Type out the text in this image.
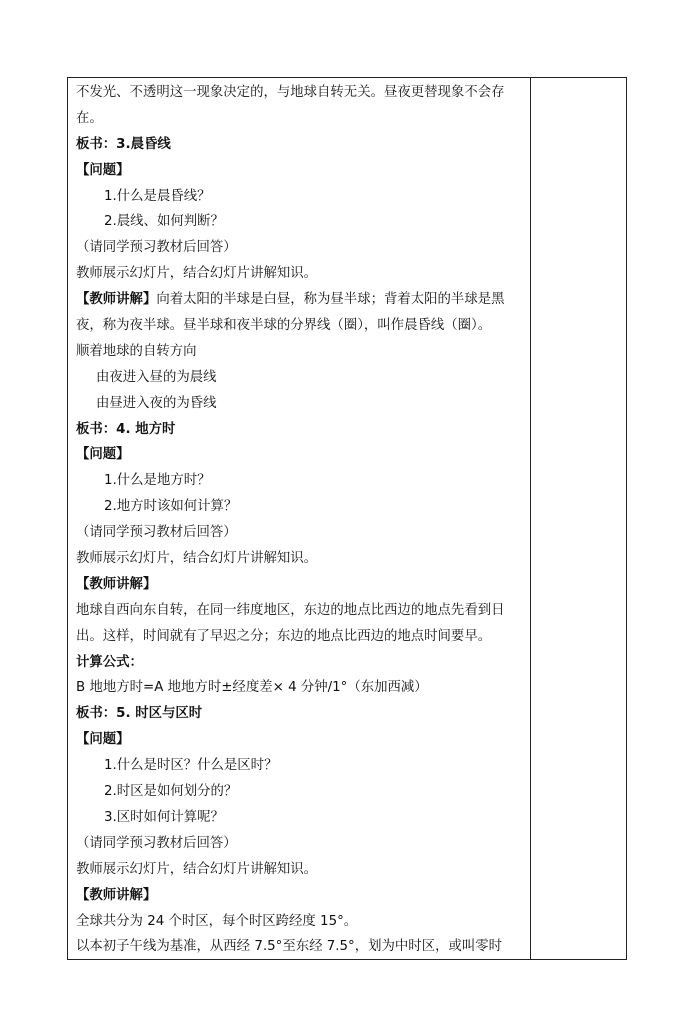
不发光、不透明这一现象决定的，与地球自转无关。昼夜更替现象不会存
在。
板书：3.晨昏线
【问题】
1.什么是晨昏线？
2.晨线、如何判断？
（请同学预习教材后回答）
教师展示幻灯片，结合幻灯片讲解知识。
【教师讲解】向着太阳的半球是白昼，称为昼半球；背着太阳的半球是黑
夜，称为夜半球。昼半球和夜半球的分界线（圈），叫作晨昏线（圈）。
顺着地球的自转方向
由夜进入昼的为晨线
由昼进入夜的为昏线
板书：4. 地方时
【问题】
1.什么是地方时？
2.地方时该如何计算？
（请同学预习教材后回答）
教师展示幻灯片，结合幻灯片讲解知识。
【教师讲解】
地球自西向东自转，在同一纬度地区，东边的地点比西边的地点先看到日
出。这样，时间就有了早迟之分；东边的地点比西边的地点时间要早。
计算公式：
B 地地方时=A 地地方时±经度差× 4 分钟/1°（东加西减）
板书：5. 时区与区时
【问题】
1.什么是时区？什么是区时？
2.时区是如何划分的？
3.区时如何计算呢？
（请同学预习教材后回答）
教师展示幻灯片，结合幻灯片讲解知识。
【教师讲解】
全球共分为 24 个时区，每个时区跨经度 15°。
以本初子午线为基准，从西经 7.5°至东经 7.5°，划为中时区，或叫零时
